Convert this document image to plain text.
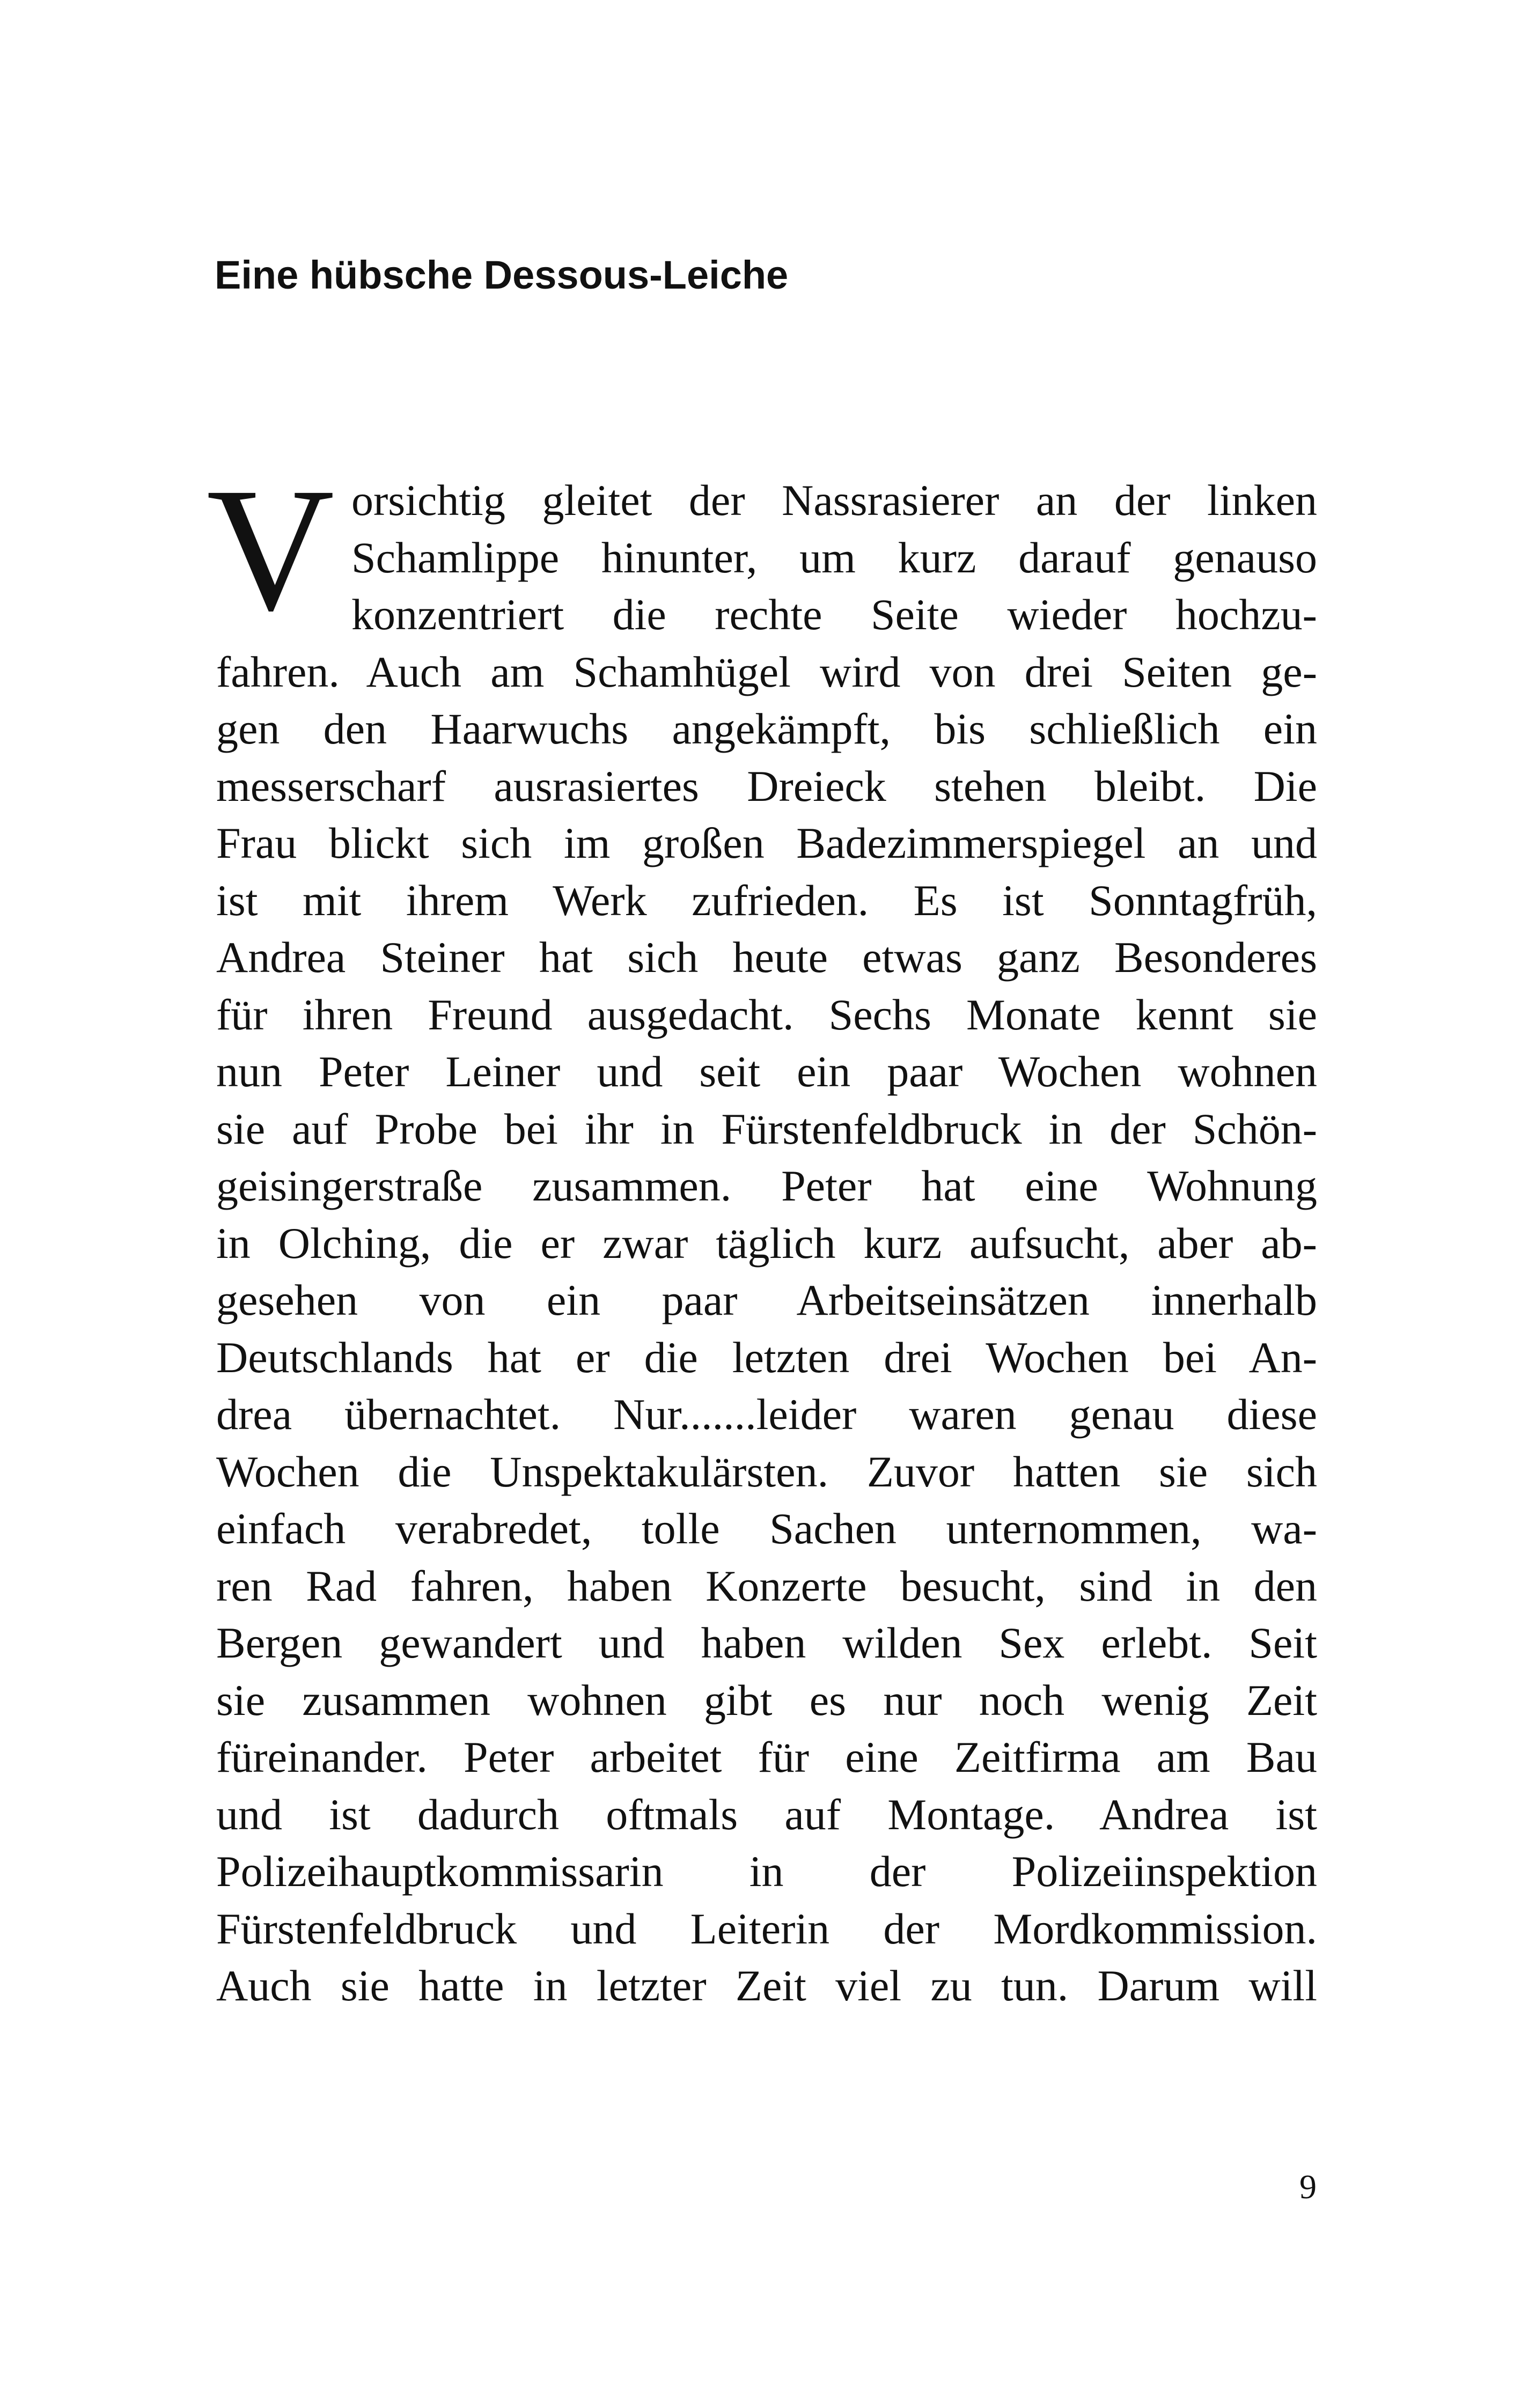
Eine hübsche Dessous-Leiche
V orsichtig gleitet der Nassrasierer an der linken
Schamlippe hinunter, um kurz darauf genauso
konzentriert die rechte Seite wieder hochzu-
fahren. Auch am Schamhügel wird von drei Seiten ge-
gen den Haarwuchs angekämpft, bis schließlich ein
messerscharf ausrasiertes Dreieck stehen bleibt. Die
Frau blickt sich im großen Badezimmerspiegel an und
ist mit ihrem Werk zufrieden. Es ist Sonntagfrüh,
Andrea Steiner hat sich heute etwas ganz Besonderes
für ihren Freund ausgedacht. Sechs Monate kennt sie
nun Peter Leiner und seit ein paar Wochen wohnen
sie auf Probe bei ihr in Fürstenfeldbruck in der Schön-
geisingerstraße zusammen. Peter hat eine Wohnung
in Olching, die er zwar täglich kurz aufsucht, aber ab-
gesehen von ein paar Arbeitseinsätzen innerhalb
Deutschlands hat er die letzten drei Wochen bei An-
drea übernachtet. Nur.......leider waren genau diese
Wochen die Unspektakulärsten. Zuvor hatten sie sich
einfach verabredet, tolle Sachen unternommen, wa-
ren Rad fahren, haben Konzerte besucht, sind in den
Bergen gewandert und haben wilden Sex erlebt. Seit
sie zusammen wohnen gibt es nur noch wenig Zeit
füreinander. Peter arbeitet für eine Zeitfirma am Bau
und ist dadurch oftmals auf Montage. Andrea ist
Polizeihauptkommissarin in der Polizeiinspektion
Fürstenfeldbruck und Leiterin der Mordkommission.
Auch sie hatte in letzter Zeit viel zu tun. Darum will
9
